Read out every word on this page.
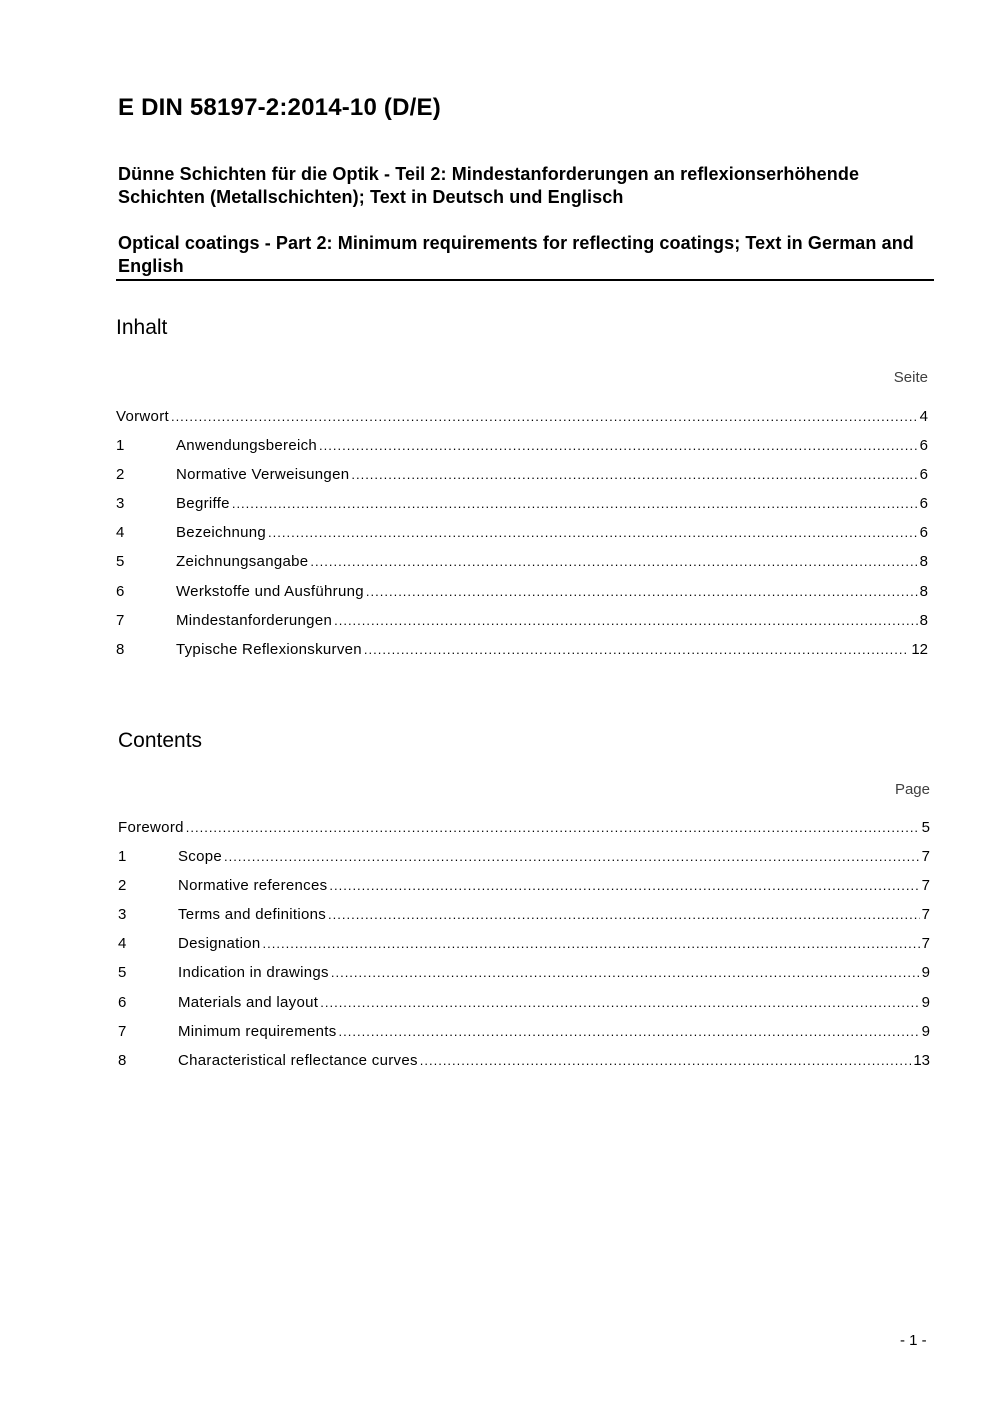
E DIN 58197-2:2014-10 (D/E)
Dünne Schichten für die Optik - Teil 2: Mindestanforderungen an reflexionserhöhende Schichten (Metallschichten); Text in Deutsch und Englisch
Optical coatings - Part 2: Minimum requirements for reflecting coatings; Text in German and English
Inhalt
Seite
Vorwort .....	4
1	Anwendungsbereich .....	6
2	Normative Verweisungen .....	6
3	Begriffe .....	6
4	Bezeichnung .....	6
5	Zeichnungsangabe .....	8
6	Werkstoffe und Ausführung .....	8
7	Mindestanforderungen .....	8
8	Typische Reflexionskurven .....	12
Contents
Page
Foreword .....	5
1	Scope .....	7
2	Normative references .....	7
3	Terms and definitions .....	7
4	Designation .....	7
5	Indication in drawings .....	9
6	Materials and layout .....	9
7	Minimum requirements .....	9
8	Characteristical reflectance curves .....	13
- 1 -
